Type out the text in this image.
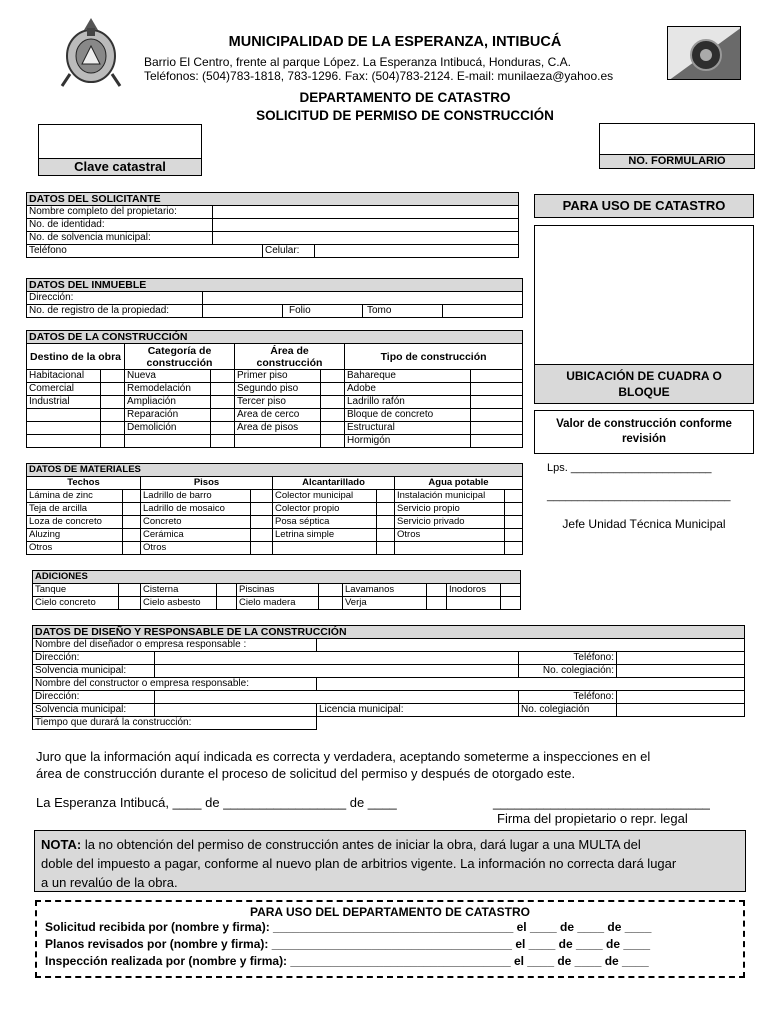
MUNICIPALIDAD DE LA ESPERANZA, INTIBUCÁ
Barrio El Centro, frente al parque López. La Esperanza Intibucá, Honduras, C.A.
Teléfonos: (504)783-1818, 783-1296. Fax: (504)783-2124. E-mail: munilaeza@yahoo.es
DEPARTAMENTO DE CATASTRO
SOLICITUD DE PERMISO DE CONSTRUCCIÓN
Clave catastral	NO. FORMULARIO
DATOS DEL SOLICITANTE			
Nombre completo del propietario:			
No. de identidad:			
No. de solvencia municipal:			
Teléfono		Celular:	
DATOS DEL INMUEBLE				
Dirección:				
No. de registro de la propiedad:		Folio	Tomo	
DATOS DE LA CONSTRUCCIÓN							
Destino de la obra		Categoría de construcción		Área de construcción		Tipo de construcción	
Habitacional		Nueva		Primer piso		Bahareque	
Comercial		Remodelación		Segundo piso		Adobe	
Industrial		Ampliación		Tercer piso		Ladrillo rafón	
		Reparación		Área de cerco		Bloque de concreto	
		Demolición		Área de pisos		Estructural	
						Hormigón	
DATOS DE MATERIALES							
Techos		Pisos		Alcantarillado		Agua potable	
Lámina de zinc		Ladrillo de barro		Colector municipal		Instalación municipal	
Teja de arcilla		Ladrillo de mosaico		Colector propio		Servicio propio	
Loza de concreto		Concreto		Posa séptica		Servicio privado	
Aluzing		Cerámica		Letrina simple		Otros	
Otros		Otros					
ADICIONES									
Tanque		Cisterna		Piscinas		Lavamanos		Inodoros	
Cielo concreto		Cielo asbesto		Cielo madera		Verja			
DATOS DE DISEÑO Y RESPONSABLE DE LA CONSTRUCCIÓN				
Nombre del diseñador o empresa responsable :				
Dirección:			Teléfono:	
Solvencia municipal:			No. colegiación:	
Nombre del constructor o empresa responsable:				
Dirección:			Teléfono:	
Solvencia municipal:		Licencia municipal:	No. colegiación	
Tiempo que durará la construcción:				
PARA USO DE CATASTRO
UBICACIÓN DE CUADRA O BLOQUE
Valor de construcción conforme revisión
Lps. _______________________
______________________________
Jefe Unidad Técnica Municipal
Juro que la información aquí indicada es correcta y verdadera, aceptando someterme a inspecciones en el
área de construcción durante el proceso de solicitud del permiso y después de otorgado este.
La Esperanza Intibucá, ____ de _________________ de ____	______________________________
Firma del propietario o repr. legal
NOTA: la no obtención del permiso de construcción antes de iniciar la obra, dará lugar a una MULTA del
doble del impuesto a pagar, conforme al nuevo plan de arbitrios vigente. La información no correcta dará lugar
a un revalúo de la obra.
PARA USO DEL DEPARTAMENTO DE CATASTRO
Solicitud recibida por (nombre y firma): ____________________________________ el ____ de ____ de ____
Planos revisados por (nombre y firma): ____________________________________ el ____ de ____ de ____
Inspección realizada por (nombre y firma): _________________________________ el ____ de ____ de ____
